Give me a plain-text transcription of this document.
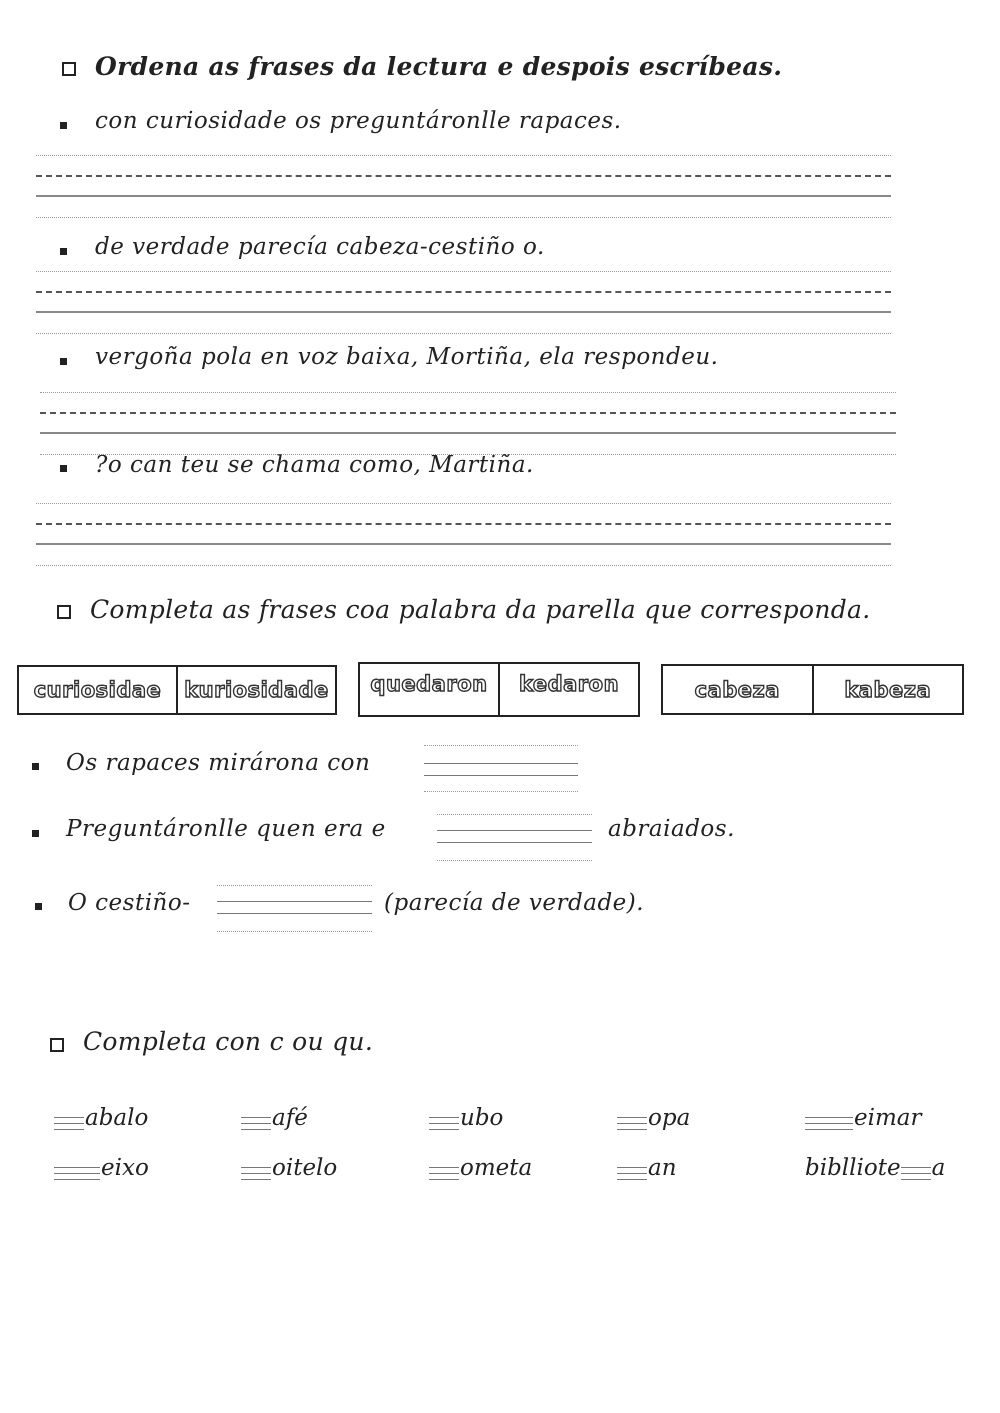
Ordena as frases da lectura e despois escríbeas.
con curiosidade os preguntáronlle rapaces.
de verdade parecía cabeza-cestiño o.
vergoña pola en voz baixa, Mortiña, ela respondeu.
?o can teu se chama como, Martiña.
Completa as frases coa palabra da parella que corresponda.
curiosidae	kuriosidade	quedaron	kedaron	cabeza	kabeza
Os rapaces miráronа con
Preguntáronlle quen era e	abraiados.
O cestiño-	(parecía de verdade).
Completa con c ou qu.
abalo	afé	ubo	opa	eimar
eixo	oitelo	ometa	an	biblliote a
